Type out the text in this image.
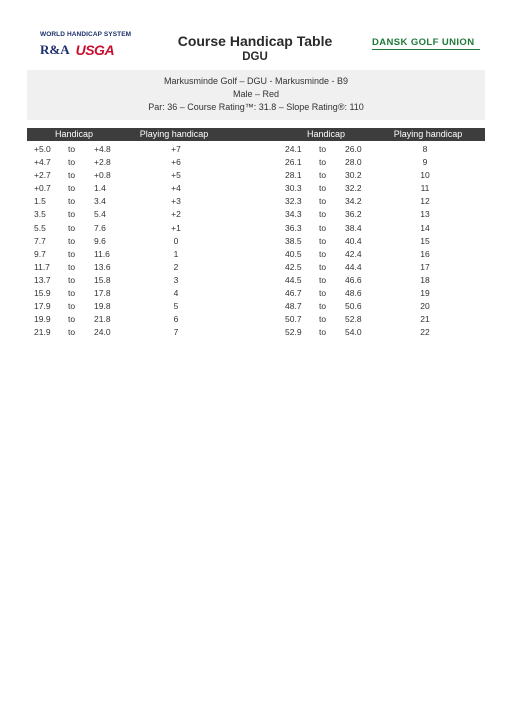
WORLD HANDICAP SYSTEM
R&A USGA
Course Handicap Table
DGU
DANSK GOLF UNION
Markusminde Golf – DGU - Markusminde - B9
Male – Red
Par: 36 – Course Rating™: 31.8 – Slope Rating®: 110
Handicap	Playing handicap	Handicap	Playing handicap
+5.0 to +4.8	+7	24.1 to 26.0	8
+4.7 to +2.8	+6	26.1 to 28.0	9
+2.7 to +0.8	+5	28.1 to 30.2	10
+0.7 to 1.4	+4	30.3 to 32.2	11
1.5	to 3.4	+3	32.3 to 34.2	12
3.5	to 5.4	+2	34.3 to 36.2	13
5.5	to 7.6	+1	36.3 to 38.4	14
7.7	to 9.6	0	38.5 to 40.4	15
9.7	to 11.6	1	40.5 to 42.4	16
11.7 to 13.6	2	42.5 to 44.4	17
13.7 to 15.8	3	44.5 to 46.6	18
15.9 to 17.8	4	46.7 to 48.6	19
17.9 to 19.8	5	48.7 to 50.6	20
19.9 to 21.8	6	50.7 to 52.8	21
21.9 to 24.0	7	52.9 to 54.0	22
